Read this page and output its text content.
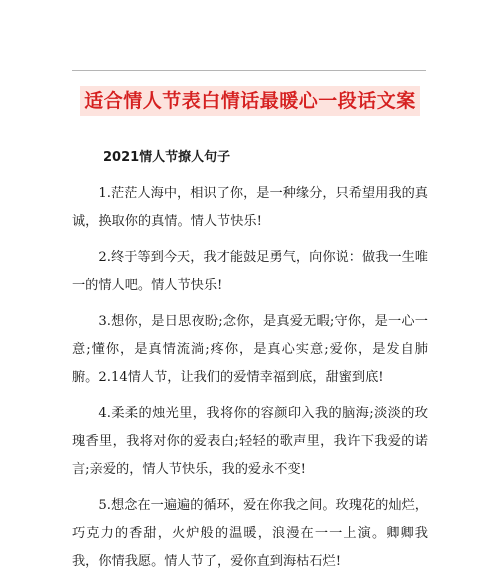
适合情人节表白情话最暖心一段话文案
2021情人节撩人句子

1.茫茫人海中，相识了你，是一种缘分，只希望用我的真诚，换取你的真情。情人节快乐!

2.终于等到今天，我才能鼓足勇气，向你说：做我一生唯一的情人吧。情人节快乐!

3.想你，是日思夜盼;念你，是真爱无暇;守你，是一心一意;懂你，是真情流淌;疼你，是真心实意;爱你，是发自肺腑。2.14情人节，让我们的爱情幸福到底，甜蜜到底!

4.柔柔的烛光里，我将你的容颜印入我的脑海;淡淡的玫瑰香里，我将对你的爱表白;轻轻的歌声里，我许下我爱的诺言;亲爱的，情人节快乐，我的爱永不变!

5.想念在一遍遍的循环，爱在你我之间。玫瑰花的灿烂，巧克力的香甜，火炉般的温暖，浪漫在一一上演。卿卿我我，你情我愿。情人节了，爱你直到海枯石烂!
